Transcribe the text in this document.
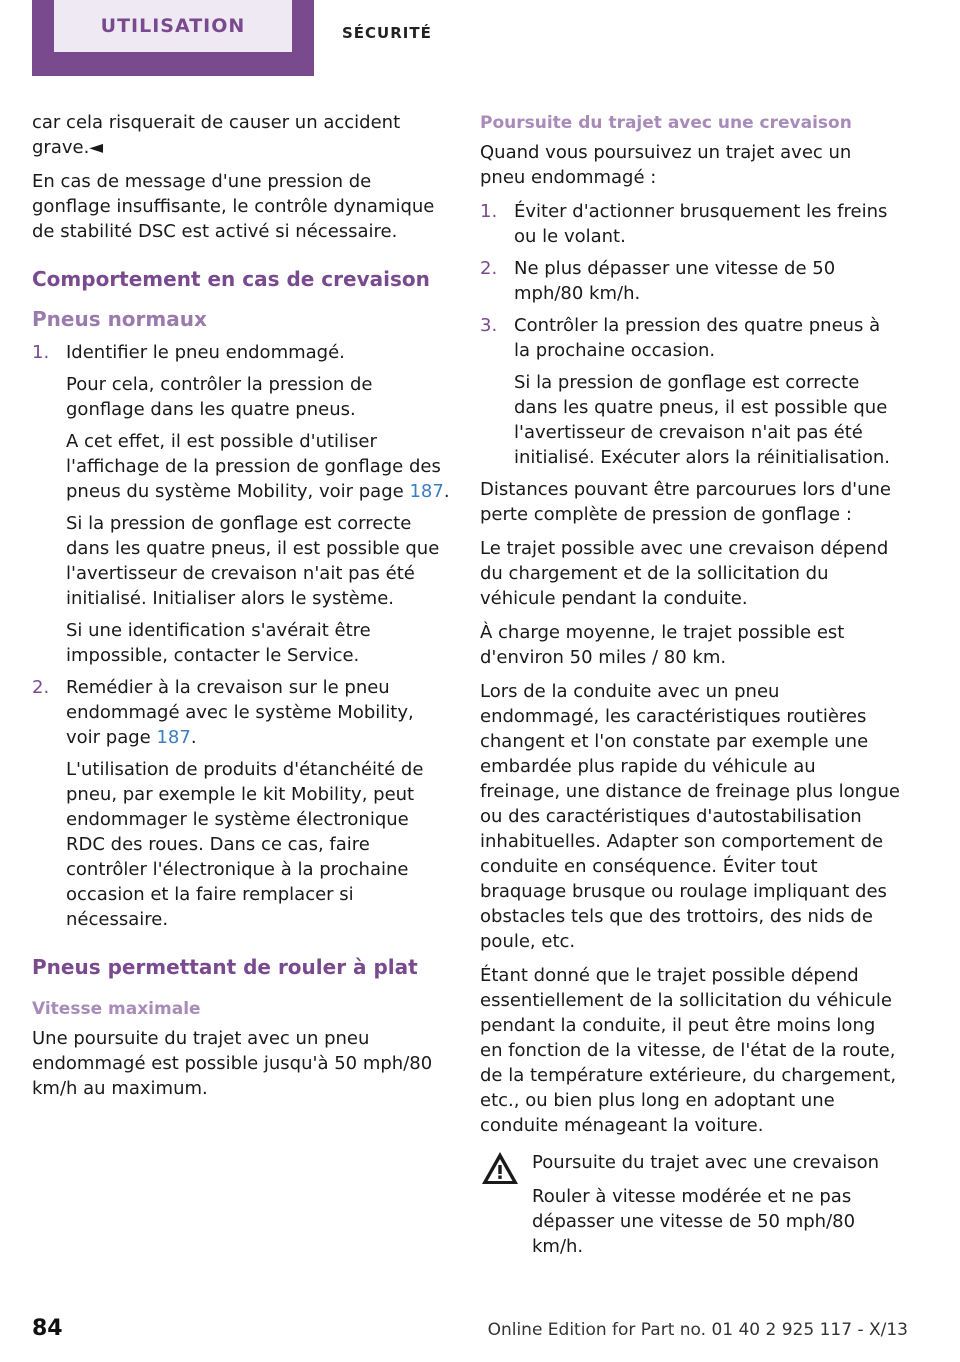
UTILISATION	SÉCURITÉ

car cela risquerait de causer un accident grave.◄

En cas de message d'une pression de gonflage insuffisante, le contrôle dynamique de stabilité DSC est activé si nécessaire.

Comportement en cas de crevaison
Pneus normaux
1. Identifier le pneu endommagé.

Pour cela, contrôler la pression de gonflage dans les quatre pneus.

A cet effet, il est possible d'utiliser l'affichage de la pression de gonflage des pneus du système Mobility, voir page 187.

Si la pression de gonflage est correcte dans les quatre pneus, il est possible que l'avertisseur de crevaison n'ait pas été initialisé. Initialiser alors le système.

Si une identification s'avérait être impossible, contacter le Service.

2. Remédier à la crevaison sur le pneu endommagé avec le système Mobility, voir page 187.

L'utilisation de produits d'étanchéité de pneu, par exemple le kit Mobility, peut endommager le système électronique RDC des roues. Dans ce cas, faire contrôler l'électronique à la prochaine occasion et la faire remplacer si nécessaire.

Pneus permettant de rouler à plat
Vitesse maximale

Une poursuite du trajet avec un pneu endommagé est possible jusqu'à 50 mph/80 km/h au maximum.

Poursuite du trajet avec une crevaison

Quand vous poursuivez un trajet avec un pneu endommagé :

1. Éviter d'actionner brusquement les freins ou le volant.

2. Ne plus dépasser une vitesse de 50 mph/80 km/h.

3. Contrôler la pression des quatre pneus à la prochaine occasion.

Si la pression de gonflage est correcte dans les quatre pneus, il est possible que l'avertisseur de crevaison n'ait pas été initialisé. Exécuter alors la réinitialisation.

Distances pouvant être parcourues lors d'une perte complète de pression de gonflage :

Le trajet possible avec une crevaison dépend du chargement et de la sollicitation du véhicule pendant la conduite.

À charge moyenne, le trajet possible est d'environ 50 miles / 80 km.

Lors de la conduite avec un pneu endommagé, les caractéristiques routières changent et l'on constate par exemple une embardée plus rapide du véhicule au freinage, une distance de freinage plus longue ou des caractéristiques d'autostabilisation inhabituelles. Adapter son comportement de conduite en conséquence. Éviter tout braquage brusque ou roulage impliquant des obstacles tels que des trottoirs, des nids de poule, etc.

Étant donné que le trajet possible dépend essentiellement de la sollicitation du véhicule pendant la conduite, il peut être moins long en fonction de la vitesse, de l'état de la route, de la température extérieure, du chargement, etc., ou bien plus long en adoptant une conduite ménageant la voiture.

Poursuite du trajet avec une crevaison

Rouler à vitesse modérée et ne pas dépasser une vitesse de 50 mph/80 km/h.

84	Online Edition for Part no. 01 40 2 925 117 - X/13
